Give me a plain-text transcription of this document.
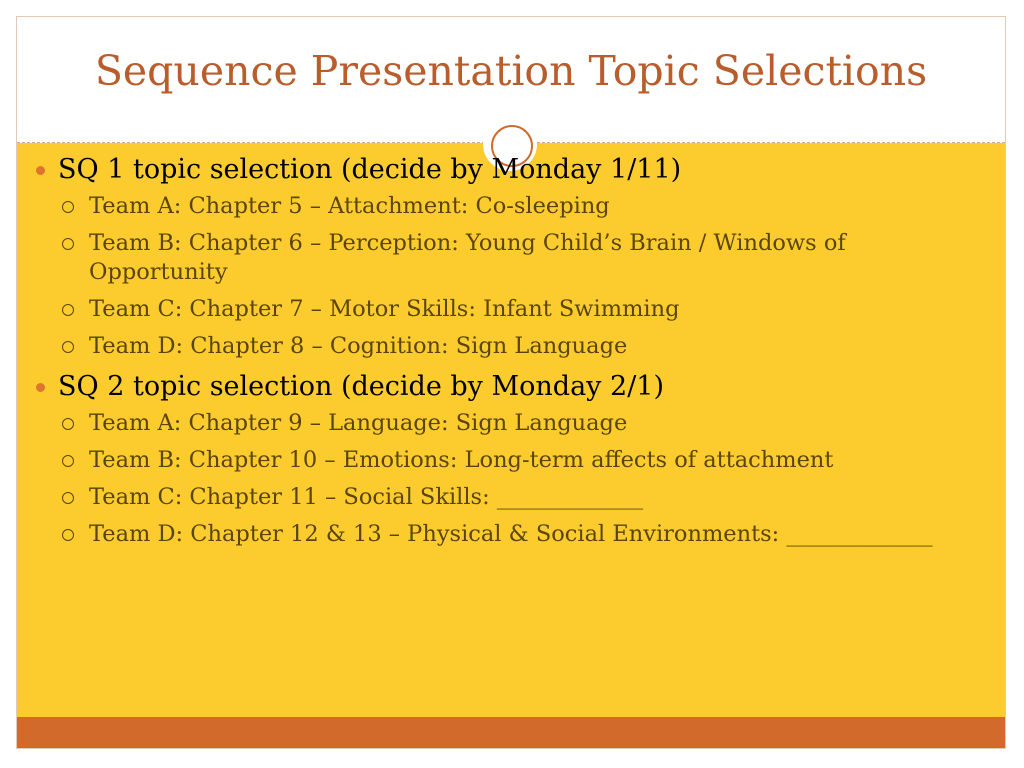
Sequence Presentation Topic Selections
SQ 1 topic selection (decide by Monday 1/11)
Team A: Chapter 5 – Attachment: Co-sleeping
Team B: Chapter 6 – Perception: Young Child’s Brain / Windows of Opportunity
Team C: Chapter 7 – Motor Skills: Infant Swimming
Team D: Chapter 8 – Cognition: Sign Language
SQ 2 topic selection (decide by Monday 2/1)
Team A: Chapter 9 – Language: Sign Language
Team B: Chapter 10 – Emotions: Long-term affects of attachment
Team C: Chapter 11 – Social Skills: _____________
Team D: Chapter 12 & 13 – Physical & Social Environments: _____________
